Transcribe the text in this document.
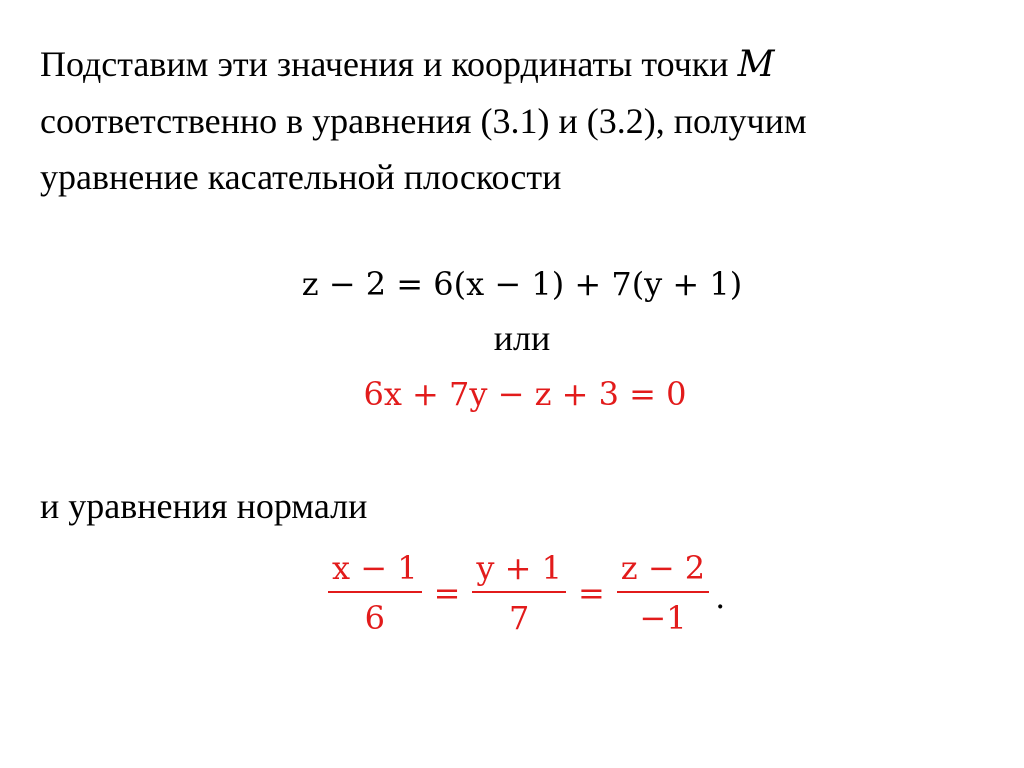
Подставим эти значения и координаты точки M
соответственно в уравнения (3.1) и (3.2), получим
уравнение касательной плоскости
z − 2 = 6(x − 1) + 7(y + 1)
или
6x + 7y − z + 3 = 0
и уравнения нормали
$\frac{x - 1}{6} = \frac{y + 1}{7} = \frac{z - 2}{-1}$ .
